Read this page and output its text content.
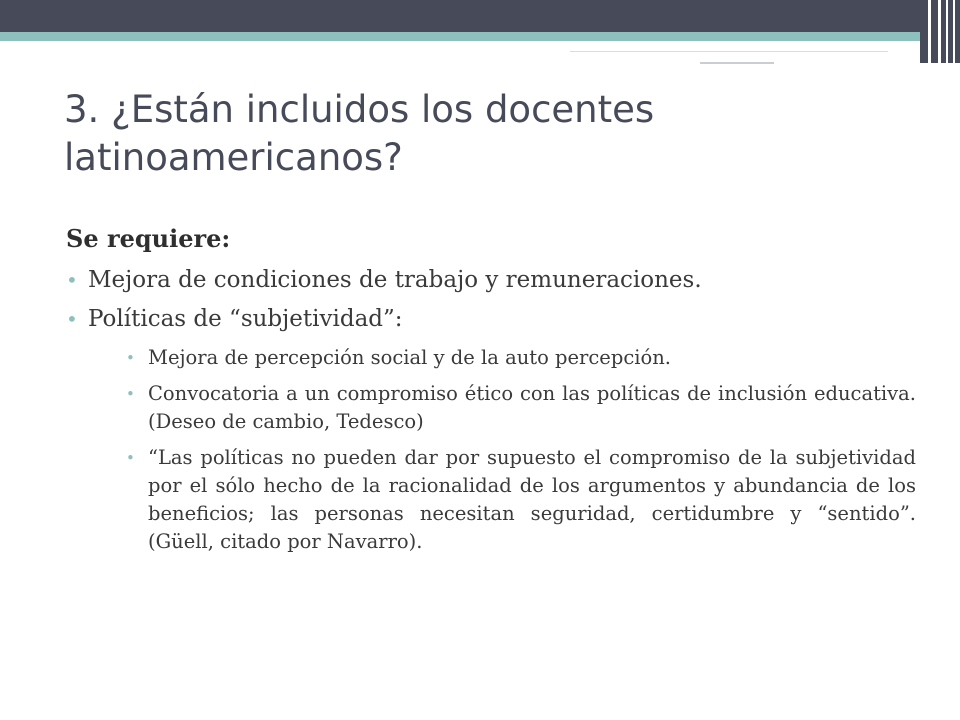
3. ¿Están incluidos los docentes latinoamericanos?

Se requiere:

• Mejora de condiciones de trabajo y remuneraciones.
• Políticas de “subjetividad”:
• Mejora de percepción social y de la auto percepción.
• Convocatoria a un compromiso ético con las políticas de inclusión educativa. (Deseo de cambio, Tedesco)
• “Las políticas no pueden dar por supuesto el compromiso de la subjetividad por el sólo hecho de la racionalidad de los argumentos y abundancia de los beneficios; las personas necesitan seguridad, certidumbre y “sentido”. (Güell, citado por Navarro).
